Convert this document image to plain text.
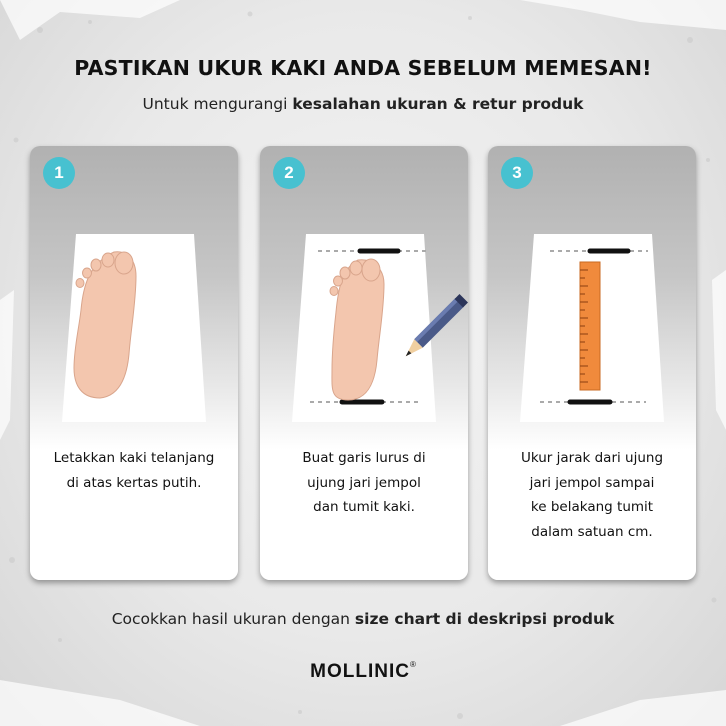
PASTIKAN UKUR KAKI ANDA SEBELUM MEMESAN!
Untuk mengurangi kesalahan ukuran & retur produk
1
Letakkan kaki telanjang
di atas kertas putih.
2
Buat garis lurus di
ujung jari jempol
dan tumit kaki.
3
Ukur jarak dari ujung
jari jempol sampai
ke belakang tumit
dalam satuan cm.
Cocokkan hasil ukuran dengan size chart di deskripsi produk
MOLLINIC®
